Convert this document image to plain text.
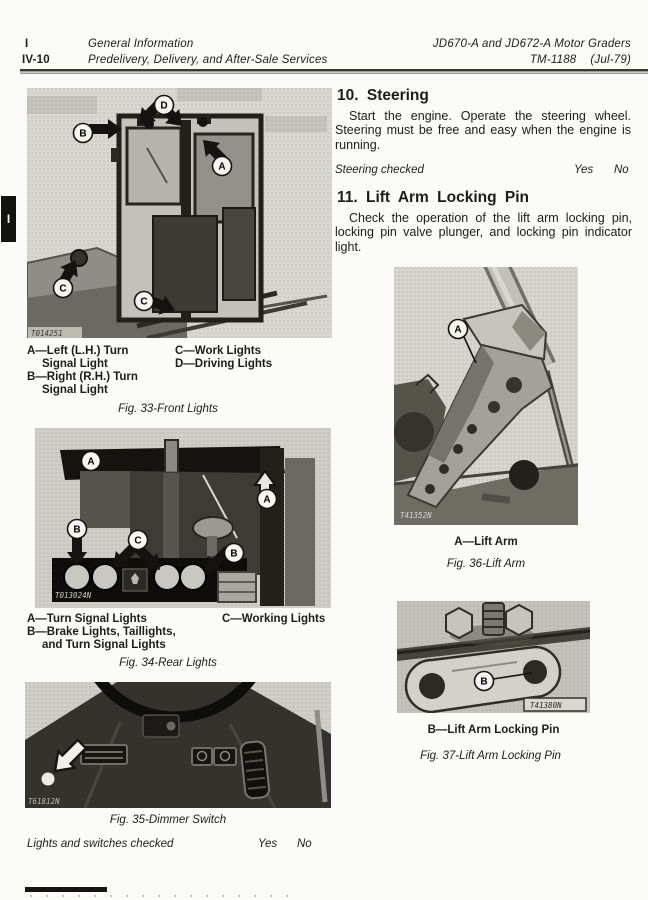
I
IV-10
General Information
Predelivery, Delivery, and After-Sale Services
JD670-A and JD672-A Motor Graders
TM-1188 (Jul-79)
I
D
B
A
C
C
T014251
A—Left (L.H.) Turn
Signal Light
B—Right (R.H.) Turn
Signal Light
C—Work Lights
D—Driving Lights
Fig. 33-Front Lights
A
A
B
C
B
T013024N
A—Turn Signal Lights
B—Brake Lights, Taillights,
and Turn Signal Lights
C—Working Lights
Fig. 34-Rear Lights
T61812N
Fig. 35-Dimmer Switch
Lights and switches checked	Yes No
10. Steering
Start the engine. Operate the steering wheel. Steering must be free and easy when the engine is running.
Steering checked	Yes No
11. Lift Arm Locking Pin
Check the operation of the lift arm locking pin, locking pin valve plunger, and locking pin indicator light.
A
T41352N
A—Lift Arm
Fig. 36-Lift Arm
B
T41380N
B—Lift Arm Locking Pin
Fig. 37-Lift Arm Locking Pin
